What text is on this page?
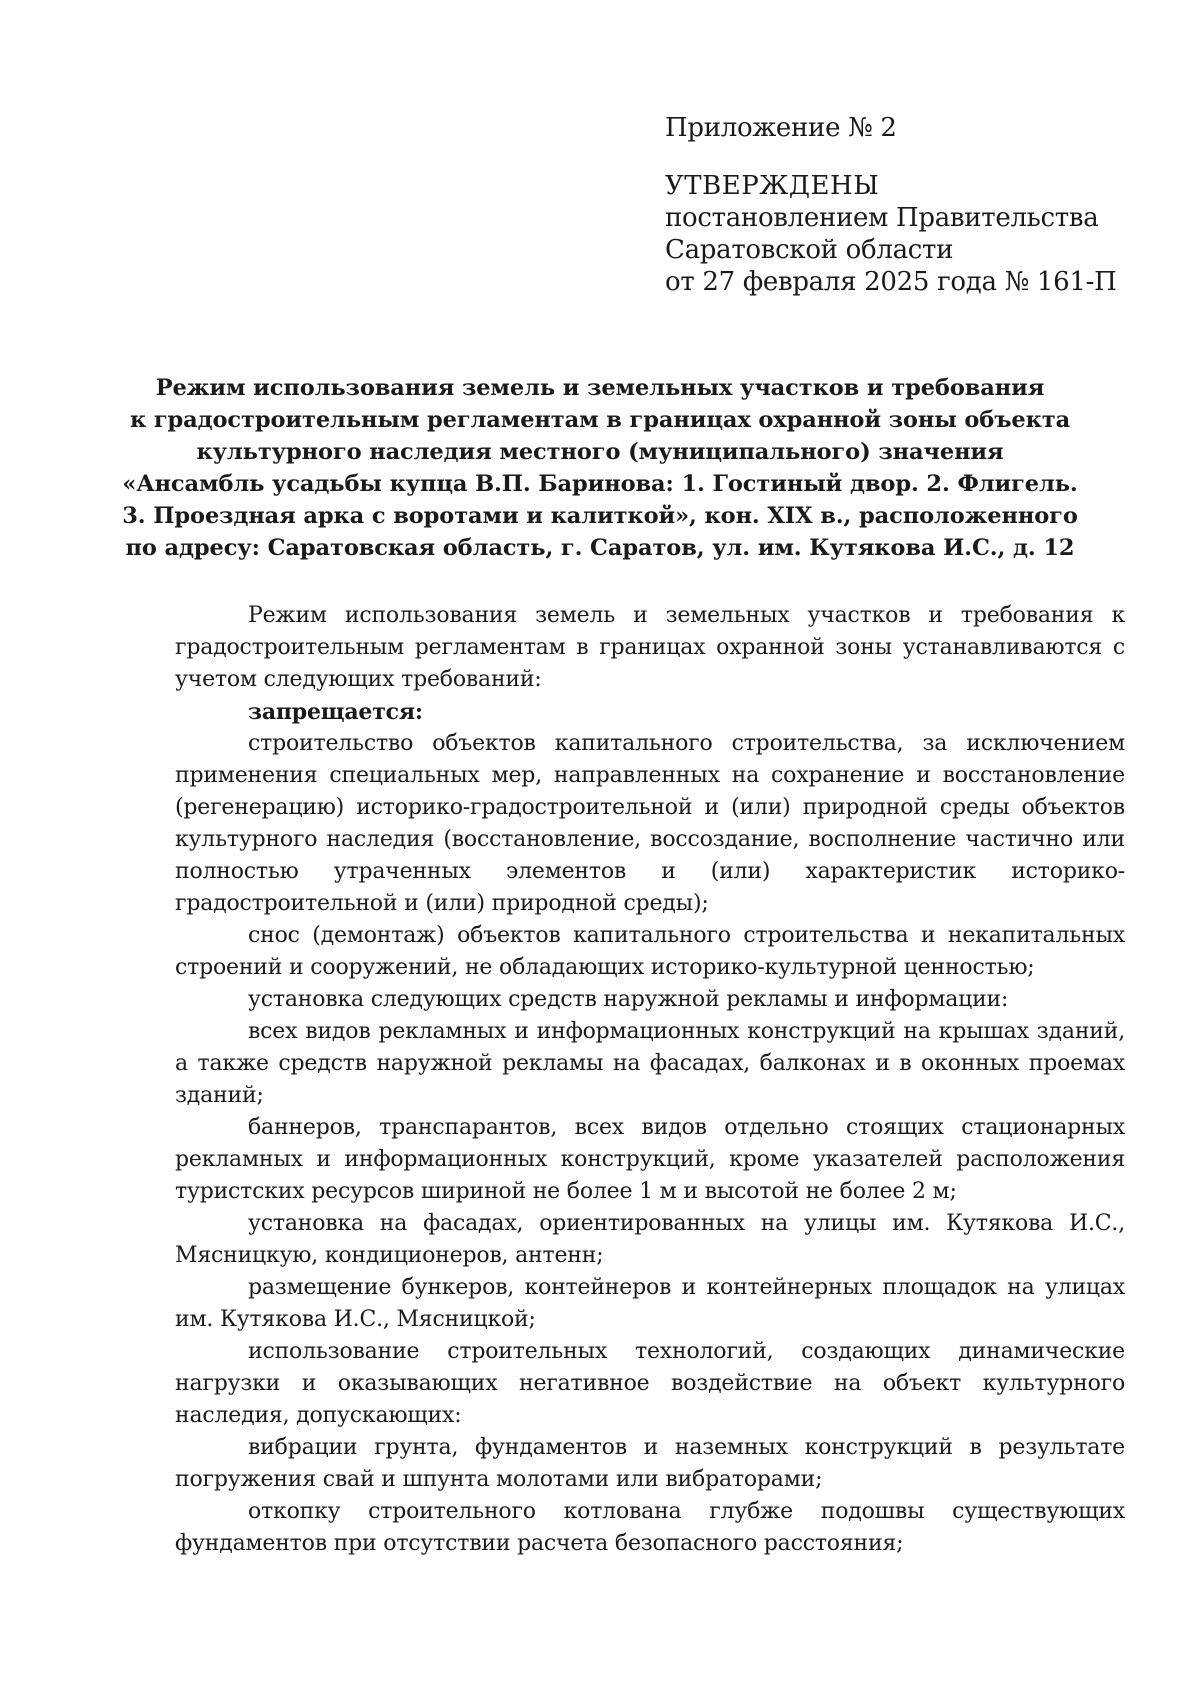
Приложение № 2
УТВЕРЖДЕНЫ
постановлением Правительства
Саратовской области
от 27 февраля 2025 года № 161-П
Режим использования земель и земельных участков и требования
к градостроительным регламентам в границах охранной зоны объекта
культурного наследия местного (муниципального) значения
«Ансамбль усадьбы купца В.П. Баринова: 1. Гостиный двор. 2. Флигель.
3. Проездная арка с воротами и калиткой», кон. XIX в., расположенного
по адресу: Саратовская область, г. Саратов, ул. им. Кутякова И.С., д. 12

Режим использования земель и земельных участков и требования к градостроительным регламентам в границах охранной зоны устанавливаются с учетом следующих требований:

запрещается:

строительство объектов капитального строительства, за исключением применения специальных мер, направленных на сохранение и восстановление (регенерацию) историко-градостроительной и (или) природной среды объектов культурного наследия (восстановление, воссоздание, восполнение частично или полностью утраченных элементов и (или) характеристик историко-градостроительной и (или) природной среды);

снос (демонтаж) объектов капитального строительства и некапитальных строений и сооружений, не обладающих историко-культурной ценностью;

установка следующих средств наружной рекламы и информации:

всех видов рекламных и информационных конструкций на крышах зданий, а также средств наружной рекламы на фасадах, балконах и в оконных проемах зданий;

баннеров, транспарантов, всех видов отдельно стоящих стационарных рекламных и информационных конструкций, кроме указателей расположения туристских ресурсов шириной не более 1 м и высотой не более 2 м;

установка на фасадах, ориентированных на улицы им. Кутякова И.С., Мясницкую, кондиционеров, антенн;

размещение бункеров, контейнеров и контейнерных площадок на улицах им. Кутякова И.С., Мясницкой;

использование строительных технологий, создающих динамические нагрузки и оказывающих негативное воздействие на объект культурного наследия, допускающих:

вибрации грунта, фундаментов и наземных конструкций в результате погружения свай и шпунта молотами или вибраторами;

откопку строительного котлована глубже подошвы существующих фундаментов при отсутствии расчета безопасного расстояния;
